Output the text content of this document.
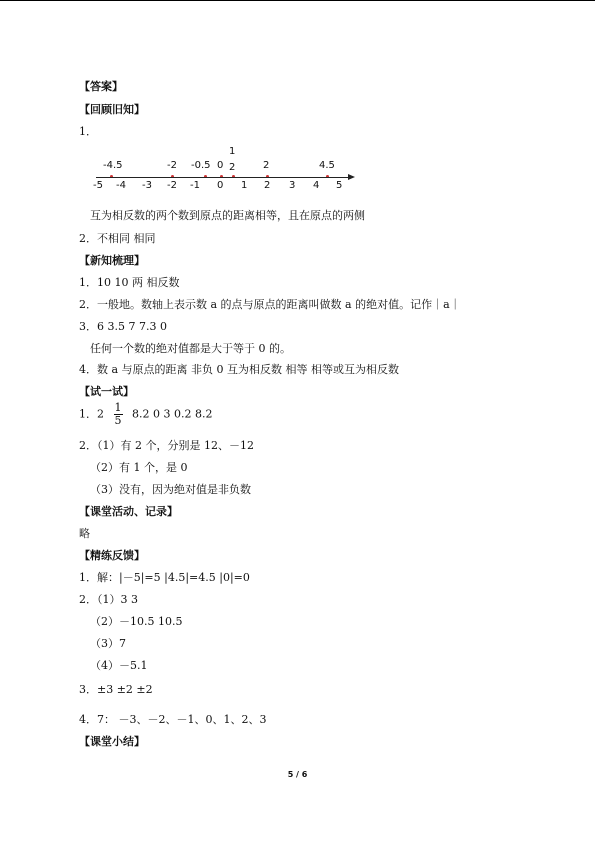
【答案】
【回顾旧知】
1．
-4.5	-2 -0.5 0
1
2	2	4.5
-5 -4 -3 -2 -1 0 1 2 3 4 5
互为相反数的两个数到原点的距离相等，且在原点的两侧
2．不相同 相同
【新知梳理】
1．10 10 两 相反数
2．一般地。数轴上表示数 a 的点与原点的距离叫做数 a 的绝对值。记作｜a｜
3．6 3.5 7 7.3 0
任何一个数的绝对值都是大于等于 0 的。
4．数 a 与原点的距离 非负 0 互为相反数 相等 相等或互为相反数
【试一试】
1．$2 \frac{1}{5} 8.2$ 0 3 0.2 8.2
2．（1）有 2 个，分别是 12、－12
（2）有 1 个，是 0
（3）没有，因为绝对值是非负数
【课堂活动、记录】
略
【精练反馈】
1．解：|－5|=5 |4.5|=4.5 |0|=0
2．（1）3 3
（2）－10.5 10.5
（3）7
（4）－5.1
3．±3 ±2 ±2
4．7： －3、－2、－1、0、1、2、3
【课堂小结】
5 / 6
